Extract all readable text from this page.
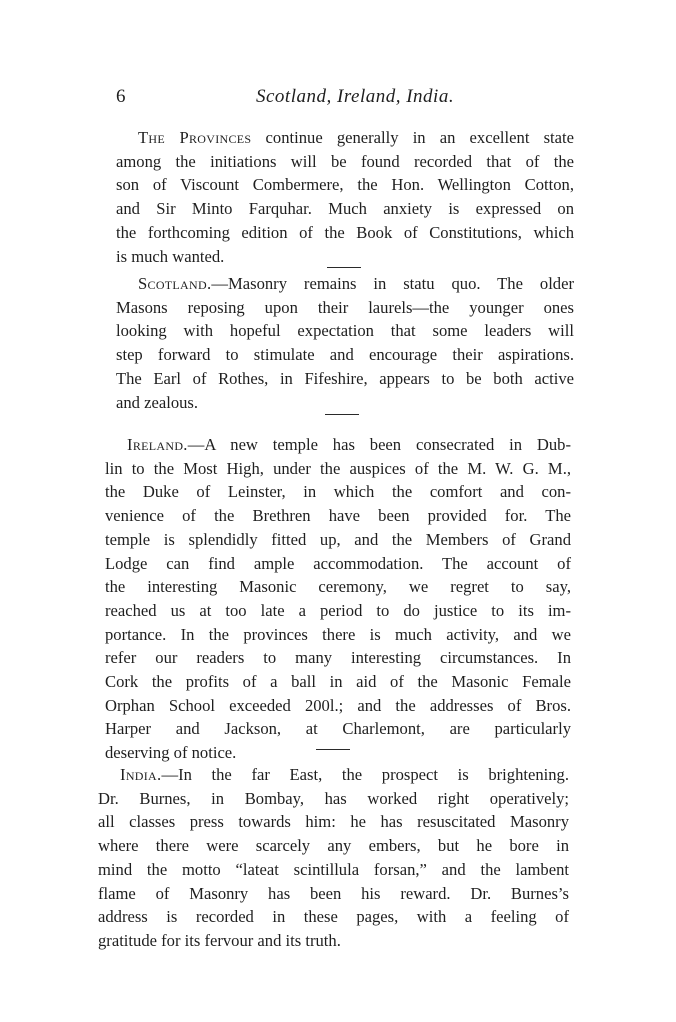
6	Scotland, Ireland, India.
The Provinces continue generally in an excellent state
among the initiations will be found recorded that of the
son of Viscount Combermere, the Hon. Wellington Cotton,
and Sir Minto Farquhar. Much anxiety is expressed on
the forthcoming edition of the Book of Constitutions, which
is much wanted.
Scotland.—Masonry remains in statu quo. The older
Masons reposing upon their laurels—the younger ones
looking with hopeful expectation that some leaders will
step forward to stimulate and encourage their aspirations.
The Earl of Rothes, in Fifeshire, appears to be both active
and zealous.
Ireland.—A new temple has been consecrated in Dub-
lin to the Most High, under the auspices of the M. W. G. M.,
the Duke of Leinster, in which the comfort and con-
venience of the Brethren have been provided for. The
temple is splendidly fitted up, and the Members of Grand
Lodge can find ample accommodation. The account of
the interesting Masonic ceremony, we regret to say,
reached us at too late a period to do justice to its im-
portance. In the provinces there is much activity, and we
refer our readers to many interesting circumstances. In
Cork the profits of a ball in aid of the Masonic Female
Orphan School exceeded 200l.; and the addresses of Bros.
Harper and Jackson, at Charlemont, are particularly
deserving of notice.
India.—In the far East, the prospect is brightening.
Dr. Burnes, in Bombay, has worked right operatively;
all classes press towards him: he has resuscitated Masonry
where there were scarcely any embers, but he bore in
mind the motto “lateat scintillula forsan,” and the lambent
flame of Masonry has been his reward. Dr. Burnes’s
address is recorded in these pages, with a feeling of
gratitude for its fervour and its truth.
